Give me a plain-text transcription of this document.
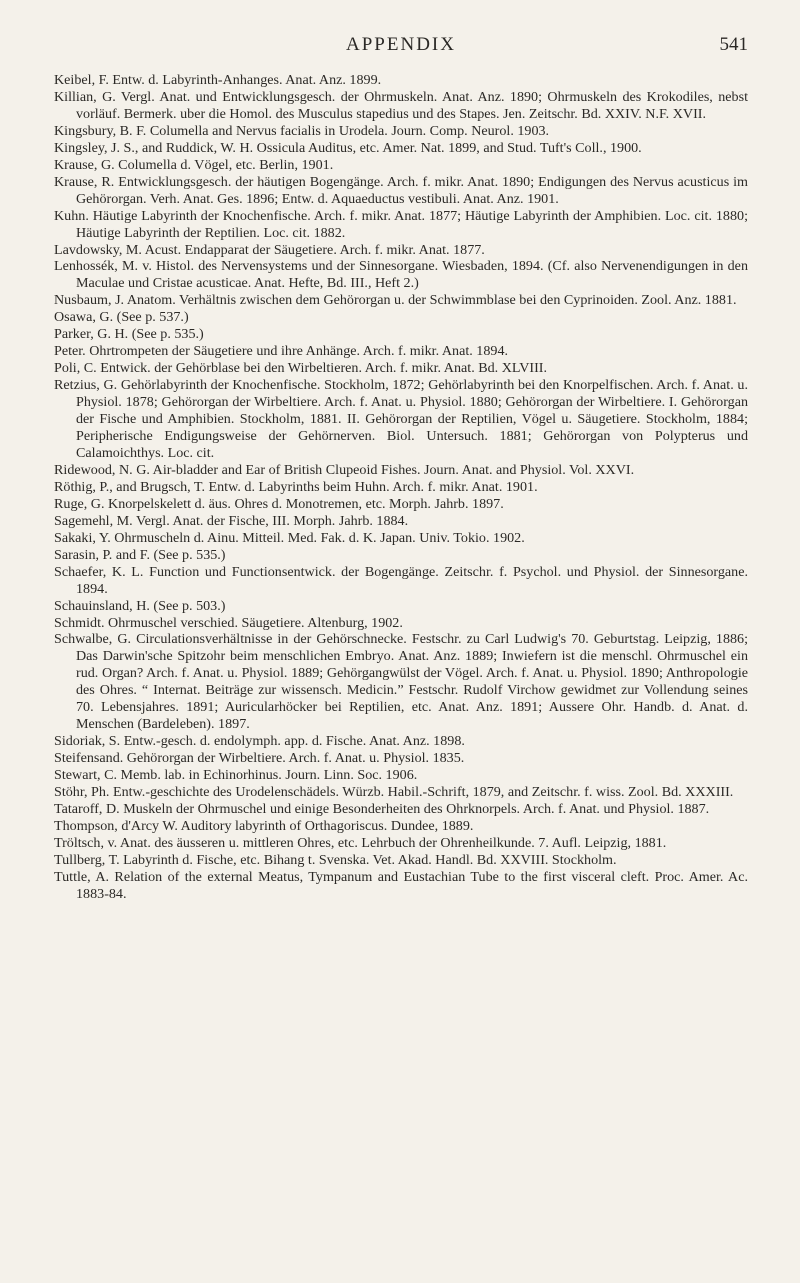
APPENDIX	541

Keibel, F. Entw. d. Labyrinth-Anhanges. Anat. Anz. 1899.

Killian, G. Vergl. Anat. und Entwicklungsgesch. der Ohrmuskeln. Anat. Anz. 1890; Ohrmuskeln des Krokodiles, nebst vorläuf. Bermerk. uber die Homol. des Musculus stapedius und des Stapes. Jen. Zeitschr. Bd. XXIV. N.F. XVII.

Kingsbury, B. F. Columella and Nervus facialis in Urodela. Journ. Comp. Neurol. 1903.

Kingsley, J. S., and Ruddick, W. H. Ossicula Auditus, etc. Amer. Nat. 1899, and Stud. Tuft's Coll., 1900.

Krause, G. Columella d. Vögel, etc. Berlin, 1901.

Krause, R. Entwicklungsgesch. der häutigen Bogengänge. Arch. f. mikr. Anat. 1890; Endigungen des Nervus acusticus im Gehörorgan. Verh. Anat. Ges. 1896; Entw. d. Aquaeductus vestibuli. Anat. Anz. 1901.

Kuhn. Häutige Labyrinth der Knochenfische. Arch. f. mikr. Anat. 1877; Häutige Labyrinth der Amphibien. Loc. cit. 1880; Häutige Labyrinth der Reptilien. Loc. cit. 1882.

Lavdowsky, M. Acust. Endapparat der Säugetiere. Arch. f. mikr. Anat. 1877.

Lenhossék, M. v. Histol. des Nervensystems und der Sinnesorgane. Wiesbaden, 1894. (Cf. also Nervenendigungen in den Maculae und Cristae acusticae. Anat. Hefte, Bd. III., Heft 2.)

Nusbaum, J. Anatom. Verhältnis zwischen dem Gehörorgan u. der Schwimmblase bei den Cyprinoiden. Zool. Anz. 1881.

Osawa, G. (See p. 537.)

Parker, G. H. (See p. 535.)

Peter. Ohrtrompeten der Säugetiere und ihre Anhänge. Arch. f. mikr. Anat. 1894.

Poli, C. Entwick. der Gehörblase bei den Wirbeltieren. Arch. f. mikr. Anat. Bd. XLVIII.

Retzius, G. Gehörlabyrinth der Knochenfische. Stockholm, 1872; Gehörlabyrinth bei den Knorpelfischen. Arch. f. Anat. u. Physiol. 1878; Gehörorgan der Wirbeltiere. Arch. f. Anat. u. Physiol. 1880; Gehörorgan der Wirbeltiere. I. Gehörorgan der Fische und Amphibien. Stockholm, 1881. II. Gehörorgan der Reptilien, Vögel u. Säugetiere. Stockholm, 1884; Peripherische Endigungsweise der Gehörnerven. Biol. Untersuch. 1881; Gehörorgan von Polypterus und Calamoichthys. Loc. cit.

Ridewood, N. G. Air-bladder and Ear of British Clupeoid Fishes. Journ. Anat. and Physiol. Vol. XXVI.

Röthig, P., and Brugsch, T. Entw. d. Labyrinths beim Huhn. Arch. f. mikr. Anat. 1901.

Ruge, G. Knorpelskelett d. äus. Ohres d. Monotremen, etc. Morph. Jahrb. 1897.

Sagemehl, M. Vergl. Anat. der Fische, III. Morph. Jahrb. 1884.

Sakaki, Y. Ohrmuscheln d. Ainu. Mitteil. Med. Fak. d. K. Japan. Univ. Tokio. 1902.

Sarasin, P. and F. (See p. 535.)

Schaefer, K. L. Function und Functionsentwick. der Bogengänge. Zeitschr. f. Psychol. und Physiol. der Sinnesorgane. 1894.

Schauinsland, H. (See p. 503.)

Schmidt. Ohrmuschel verschied. Säugetiere. Altenburg, 1902.

Schwalbe, G. Circulationsverhältnisse in der Gehörschnecke. Festschr. zu Carl Ludwig's 70. Geburtstag. Leipzig, 1886; Das Darwin'sche Spitzohr beim menschlichen Embryo. Anat. Anz. 1889; Inwiefern ist die menschl. Ohrmuschel ein rud. Organ? Arch. f. Anat. u. Physiol. 1889; Gehörgangwülst der Vögel. Arch. f. Anat. u. Physiol. 1890; Anthropologie des Ohres. “ Internat. Beiträge zur wissensch. Medicin.” Festschr. Rudolf Virchow gewidmet zur Vollendung seines 70. Lebensjahres. 1891; Auricularhöcker bei Reptilien, etc. Anat. Anz. 1891; Aussere Ohr. Handb. d. Anat. d. Menschen (Bardeleben). 1897.

Sidoriak, S. Entw.-gesch. d. endolymph. app. d. Fische. Anat. Anz. 1898.

Steifensand. Gehörorgan der Wirbeltiere. Arch. f. Anat. u. Physiol. 1835.

Stewart, C. Memb. lab. in Echinorhinus. Journ. Linn. Soc. 1906.

Stöhr, Ph. Entw.-geschichte des Urodelenschädels. Würzb. Habil.-Schrift, 1879, and Zeitschr. f. wiss. Zool. Bd. XXXIII.

Tataroff, D. Muskeln der Ohrmuschel und einige Besonderheiten des Ohrknorpels. Arch. f. Anat. und Physiol. 1887.

Thompson, d'Arcy W. Auditory labyrinth of Orthagoriscus. Dundee, 1889.

Tröltsch, v. Anat. des äusseren u. mittleren Ohres, etc. Lehrbuch der Ohrenheilkunde. 7. Aufl. Leipzig, 1881.

Tullberg, T. Labyrinth d. Fische, etc. Bihang t. Svenska. Vet. Akad. Handl. Bd. XXVIII. Stockholm.

Tuttle, A. Relation of the external Meatus, Tympanum and Eustachian Tube to the first visceral cleft. Proc. Amer. Ac. 1883-84.
